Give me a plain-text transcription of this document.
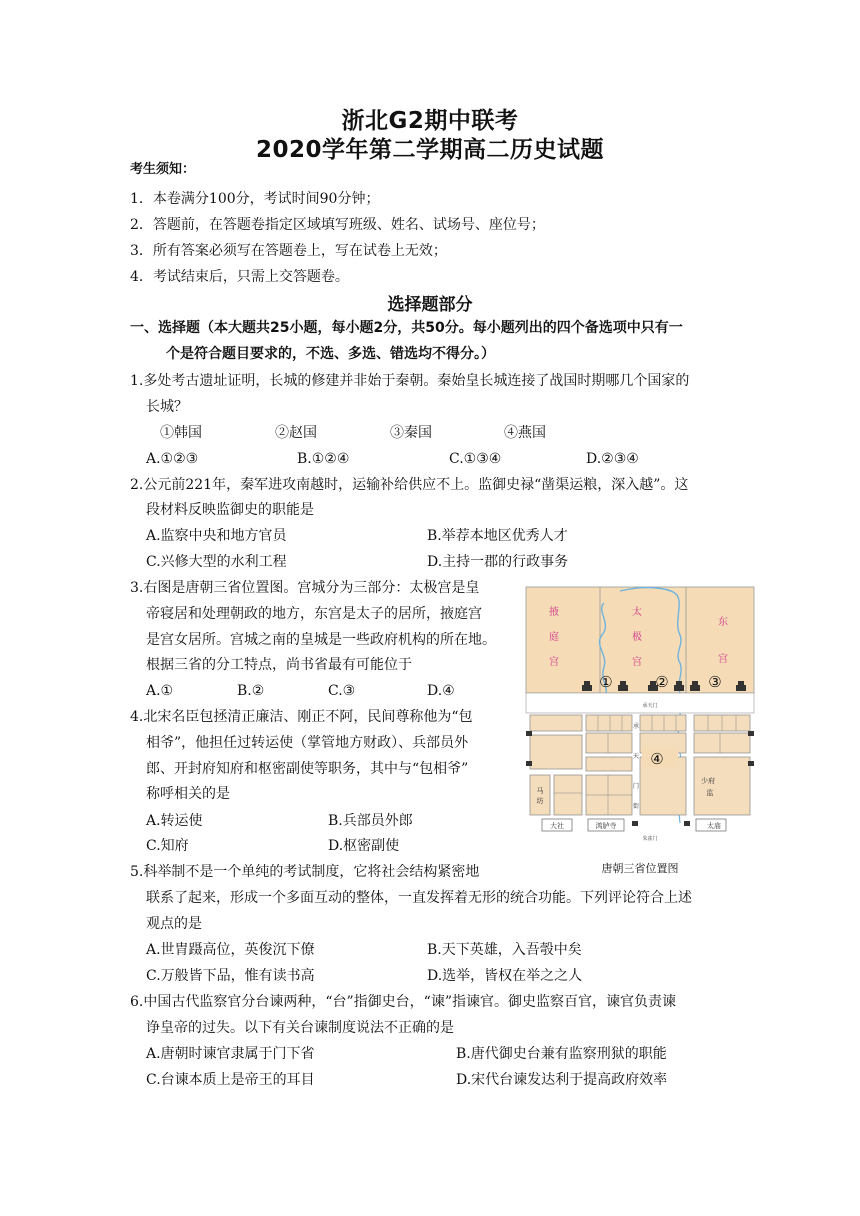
浙北G2期中联考
2020学年第二学期高二历史试题
考生须知：
1．本卷满分100分，考试时间90分钟；
2．答题前，在答题卷指定区域填写班级、姓名、试场号、座位号；
3．所有答案必须写在答题卷上，写在试卷上无效；
4．考试结束后，只需上交答题卷。
选择题部分
一、选择题（本大题共25小题，每小题2分，共50分。每小题列出的四个备选项中只有一
个是符合题目要求的，不选、多选、错选均不得分。）
1.多处考古遗址证明，长城的修建并非始于秦朝。秦始皇长城连接了战国时期哪几个国家的
长城？
①韩国	②赵国	③秦国	④燕国
A.①②③	B.①②④	C.①③④	D.②③④
2.公元前221年，秦军进攻南越时，运输补给供应不上。监御史禄“凿渠运粮，深入越”。这
段材料反映监御史的职能是
A.监察中央和地方官员	B.举荐本地区优秀人才
C.兴修大型的水利工程	D.主持一郡的行政事务
3.右图是唐朝三省位置图。宫城分为三部分：太极宫是皇
帝寝居和处理朝政的地方，东宫是太子的居所，掖庭宫
是宫女居所。宫城之南的皇城是一些政府机构的所在地。
根据三省的分工特点，尚书省最有可能位于
A.①	B.②	C.③	D.④
4.北宋名臣包拯清正廉洁、刚正不阿，民间尊称他为“包
相爷”，他担任过转运使（掌管地方财政）、兵部员外
郎、开封府知府和枢密副使等职务，其中与“包相爷”
称呼相关的是
A.转运使	B.兵部员外郎
C.知府	D.枢密副使
5.科举制不是一个单纯的考试制度，它将社会结构紧密地
联系了起来，形成一个多面互动的整体，一直发挥着无形的统合功能。下列评论符合上述
观点的是
A.世胄蹑高位，英俊沉下僚	B.天下英雄，入吾彀中矣
C.万般皆下品，惟有读书高	D.选举，皆权在举之之人
6.中国古代监察官分台谏两种，“台”指御史台，“谏”指谏官。御史监察百官，谏官负责谏
诤皇帝的过失。以下有关台谏制度说法不正确的是
A.唐朝时谏官隶属于门下省	B.唐代御史台兼有监察刑狱的职能
C.台谏本质上是帝王的耳目	D.宋代台谏发达利于提高政府效率
掖
庭
宫
太
极
宫
东
宫
①	②	③
承天门
④
承
天
门
街
马
坊
少府
监
大社	鸿胪寺	太庙
朱雀门
唐朝三省位置图
